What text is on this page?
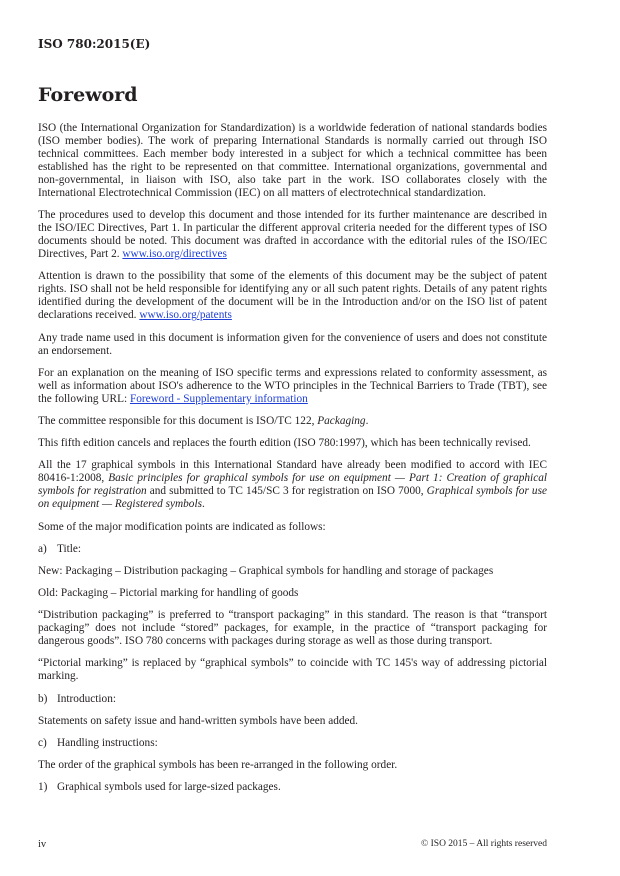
ISO 780:2015(E)
Foreword

ISO (the International Organization for Standardization) is a worldwide federation of national standards bodies (ISO member bodies). The work of preparing International Standards is normally carried out through ISO technical committees. Each member body interested in a subject for which a technical committee has been established has the right to be represented on that committee. International organizations, governmental and non-governmental, in liaison with ISO, also take part in the work. ISO collaborates closely with the International Electrotechnical Commission (IEC) on all matters of electrotechnical standardization.

The procedures used to develop this document and those intended for its further maintenance are described in the ISO/IEC Directives, Part 1. In particular the different approval criteria needed for the different types of ISO documents should be noted. This document was drafted in accordance with the editorial rules of the ISO/IEC Directives, Part 2. www.iso.org/directives

Attention is drawn to the possibility that some of the elements of this document may be the subject of patent rights. ISO shall not be held responsible for identifying any or all such patent rights. Details of any patent rights identified during the development of the document will be in the Introduction and/or on the ISO list of patent declarations received. www.iso.org/patents

Any trade name used in this document is information given for the convenience of users and does not constitute an endorsement.

For an explanation on the meaning of ISO specific terms and expressions related to conformity assessment, as well as information about ISO's adherence to the WTO principles in the Technical Barriers to Trade (TBT), see the following URL: Foreword - Supplementary information

The committee responsible for this document is ISO/TC 122, Packaging.

This fifth edition cancels and replaces the fourth edition (ISO 780:1997), which has been technically revised.

All the 17 graphical symbols in this International Standard have already been modified to accord with IEC 80416-1:2008, Basic principles for graphical symbols for use on equipment — Part 1: Creation of graphical symbols for registration and submitted to TC 145/SC 3 for registration on ISO 7000, Graphical symbols for use on equipment — Registered symbols.

Some of the major modification points are indicated as follows:

a) Title:

New: Packaging – Distribution packaging – Graphical symbols for handling and storage of packages

Old: Packaging – Pictorial marking for handling of goods

“Distribution packaging” is preferred to “transport packaging” in this standard. The reason is that “transport packaging” does not include “stored” packages, for example, in the practice of “transport packaging for dangerous goods”. ISO 780 concerns with packages during storage as well as those during transport.

“Pictorial marking” is replaced by “graphical symbols” to coincide with TC 145's way of addressing pictorial marking.

b) Introduction:

Statements on safety issue and hand-written symbols have been added.

c) Handling instructions:

The order of the graphical symbols has been re-arranged in the following order.

1) Graphical symbols used for large-sized packages.

iv	© ISO 2015 – All rights reserved
